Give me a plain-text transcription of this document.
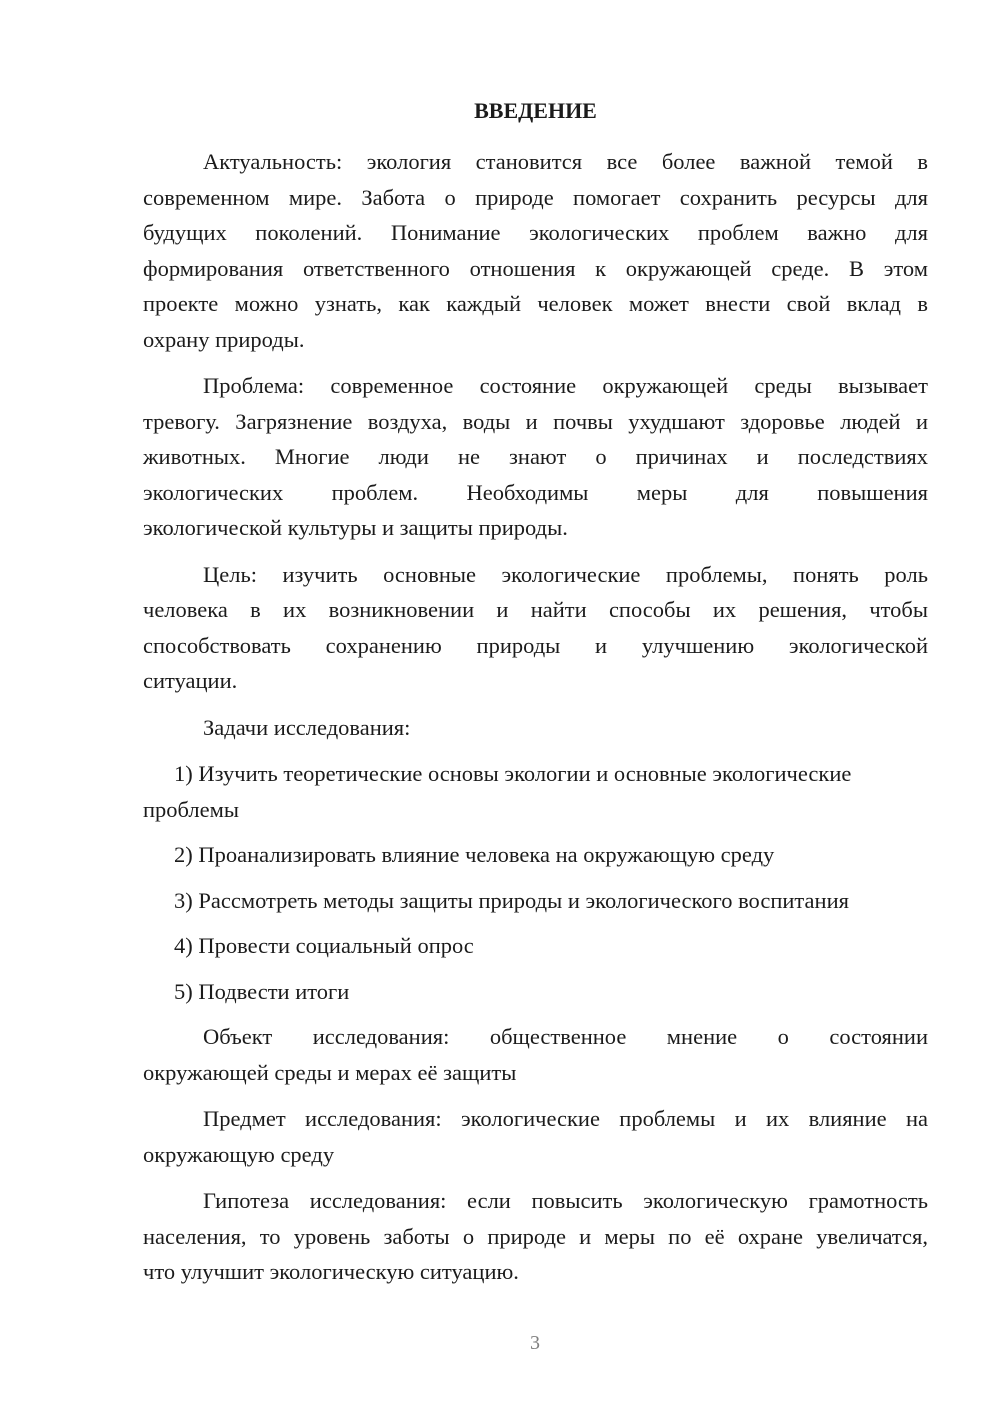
ВВЕДЕНИЕ
Актуальность: экология становится все более важной темой в
современном мире. Забота о природе помогает сохранить ресурсы для
будущих поколений. Понимание экологических проблем важно для
формирования ответственного отношения к окружающей среде. В этом
проекте можно узнать, как каждый человек может внести свой вклад в
охрану природы.
Проблема: современное состояние окружающей среды вызывает
тревогу. Загрязнение воздуха, воды и почвы ухудшают здоровье людей и
животных. Многие люди не знают о причинах и последствиях
экологических проблем. Необходимы меры для повышения
экологической культуры и защиты природы.
Цель: изучить основные экологические проблемы, понять роль
человека в их возникновении и найти способы их решения, чтобы
способствовать сохранению природы и улучшению экологической
ситуации.
Задачи исследования:
1) Изучить теоретические основы экологии и основные экологические
проблемы
2) Проанализировать влияние человека на окружающую среду
3) Рассмотреть методы защиты природы и экологического воспитания
4) Провести социальный опрос
5) Подвести итоги
Объект исследования: общественное мнение о состоянии
окружающей среды и мерах её защиты
Предмет исследования: экологические проблемы и их влияние на
окружающую среду
Гипотеза исследования: если повысить экологическую грамотность
населения, то уровень заботы о природе и меры по её охране увеличатся,
что улучшит экологическую ситуацию.
3
